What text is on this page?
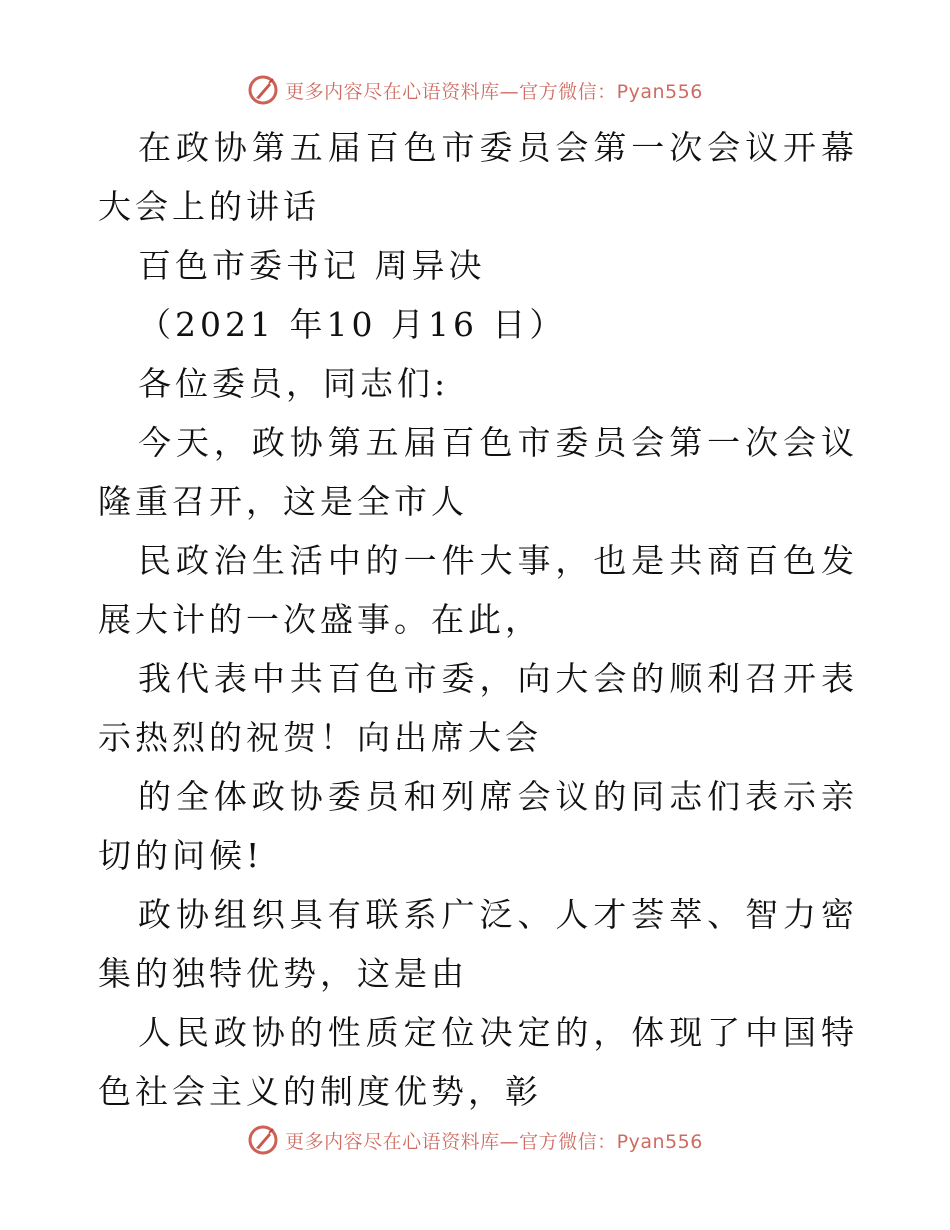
更多内容尽在心语资料库—官方微信：Pyan556

在政协第五届百色市委员会第一次会议开幕大会上的讲话

百色市委书记 周异决

（2021 年10 月16 日）

各位委员，同志们:

今天，政协第五届百色市委员会第一次会议隆重召开，这是全市人

民政治生活中的一件大事，也是共商百色发展大计的一次盛事。在此，

我代表中共百色市委，向大会的顺利召开表示热烈的祝贺！向出席大会

的全体政协委员和列席会议的同志们表示亲切的问候!

政协组织具有联系广泛、人才荟萃、智力密集的独特优势，这是由

人民政协的性质定位决定的，体现了中国特色社会主义的制度优势，彰

更多内容尽在心语资料库—官方微信：Pyan556
